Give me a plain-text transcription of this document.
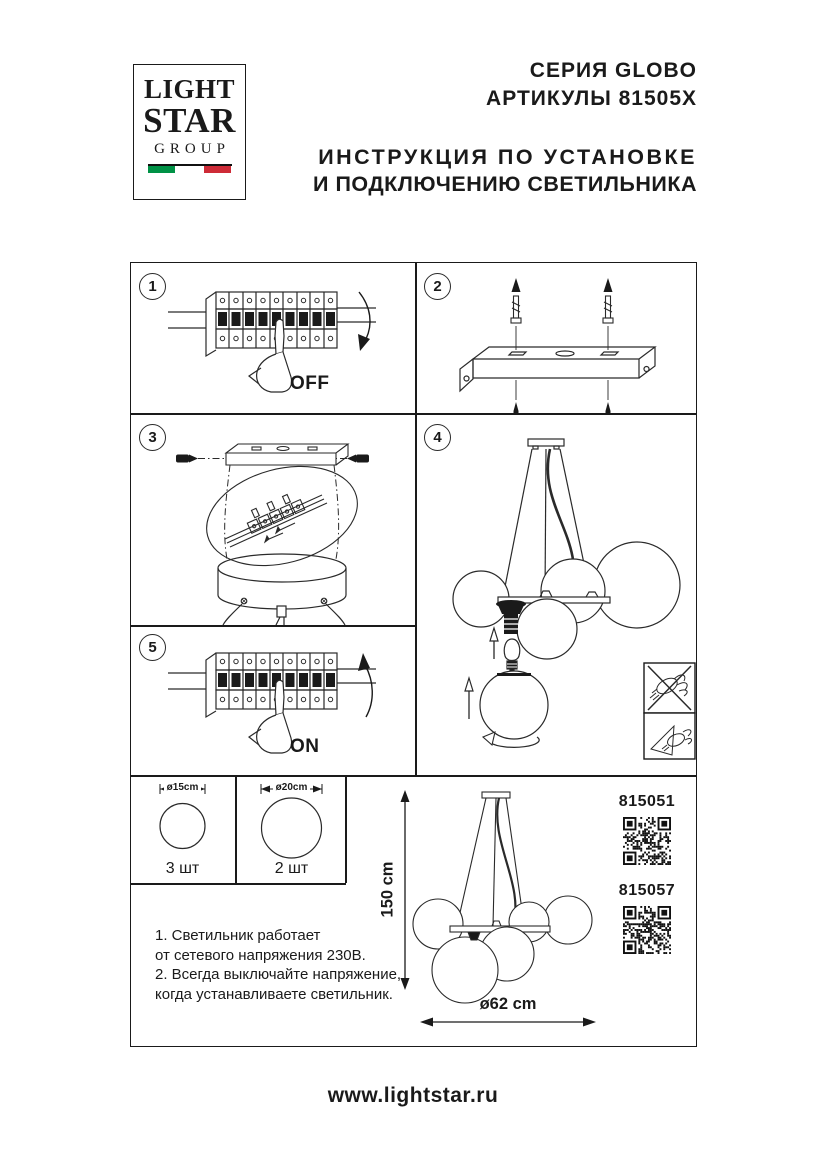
LIGHT
STAR
GROUP
СЕРИЯ GLOBO
АРТИКУЛЫ 81505X
ИНСТРУКЦИЯ ПО УСТАНОВКЕ
И ПОДКЛЮЧЕНИЮ СВЕТИЛЬНИКА
1	2
3	4
5
OFF
ON
ø15cm
3 шт
ø20cm
2 шт
1. Светильник работает
от сетевого напряжения 230В.
2. Всегда выключайте напряжение,
когда устанавливаете светильник.
150 cm
ø62 cm
815051
815057
www.lightstar.ru
